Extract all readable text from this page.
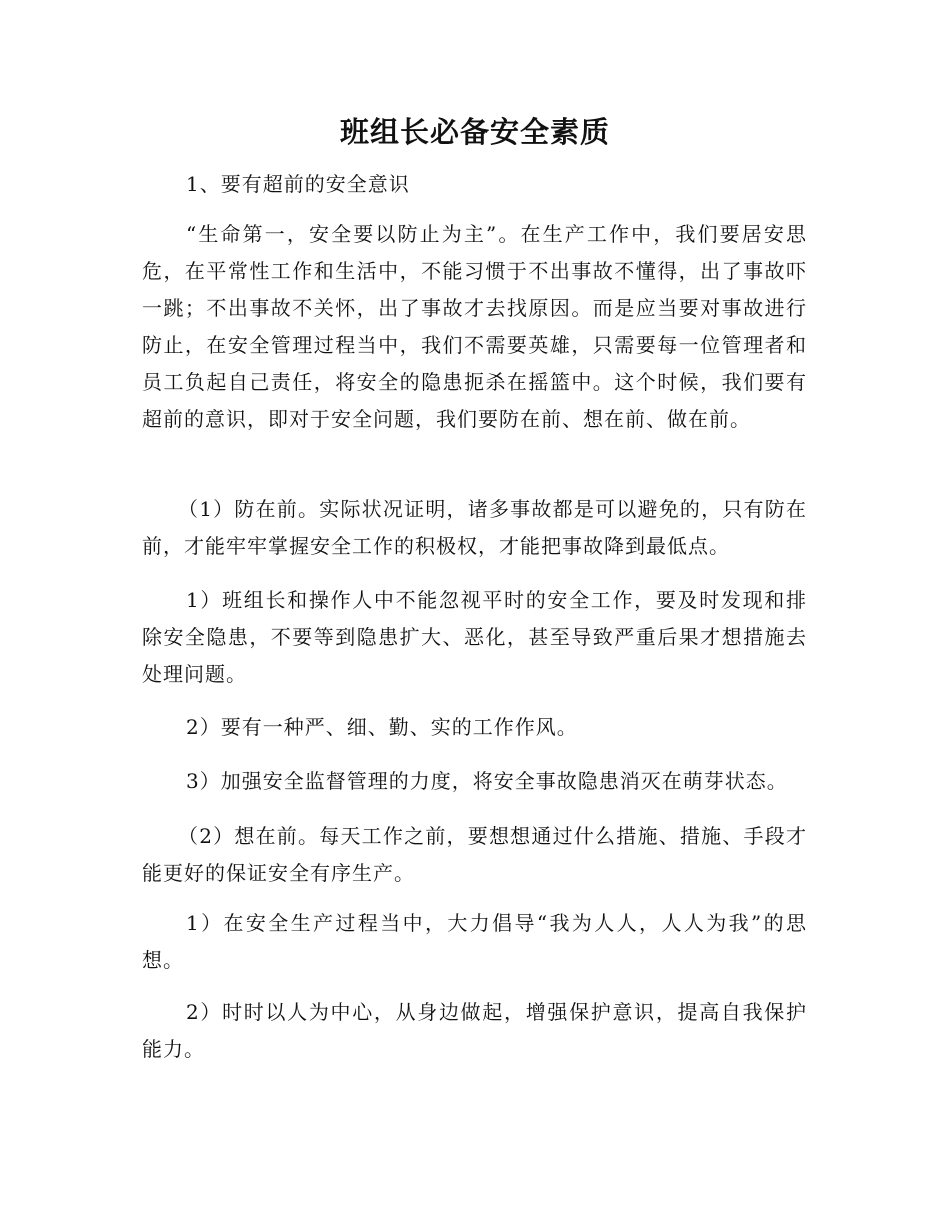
班组长必备安全素质

1、要有超前的安全意识

“生命第一，安全要以防止为主”。在生产工作中，我们要居安思危，在平常性工作和生活中，不能习惯于不出事故不懂得，出了事故吓一跳；不出事故不关怀，出了事故才去找原因。而是应当要对事故进行防止，在安全管理过程当中，我们不需要英雄，只需要每一位管理者和员工负起自己责任，将安全的隐患扼杀在摇篮中。这个时候，我们要有超前的意识，即对于安全问题，我们要防在前、想在前、做在前。

（1）防在前。实际状况证明，诸多事故都是可以避免的，只有防在前，才能牢牢掌握安全工作的积极权，才能把事故降到最低点。

1）班组长和操作人中不能忽视平时的安全工作，要及时发现和排除安全隐患，不要等到隐患扩大、恶化，甚至导致严重后果才想措施去处理问题。

2）要有一种严、细、勤、实的工作作风。

3）加强安全监督管理的力度，将安全事故隐患消灭在萌芽状态。

（2）想在前。每天工作之前，要想想通过什么措施、措施、手段才能更好的保证安全有序生产。

1）在安全生产过程当中，大力倡导“我为人人，人人为我”的思想。

2）时时以人为中心，从身边做起，增强保护意识，提高自我保护能力。
